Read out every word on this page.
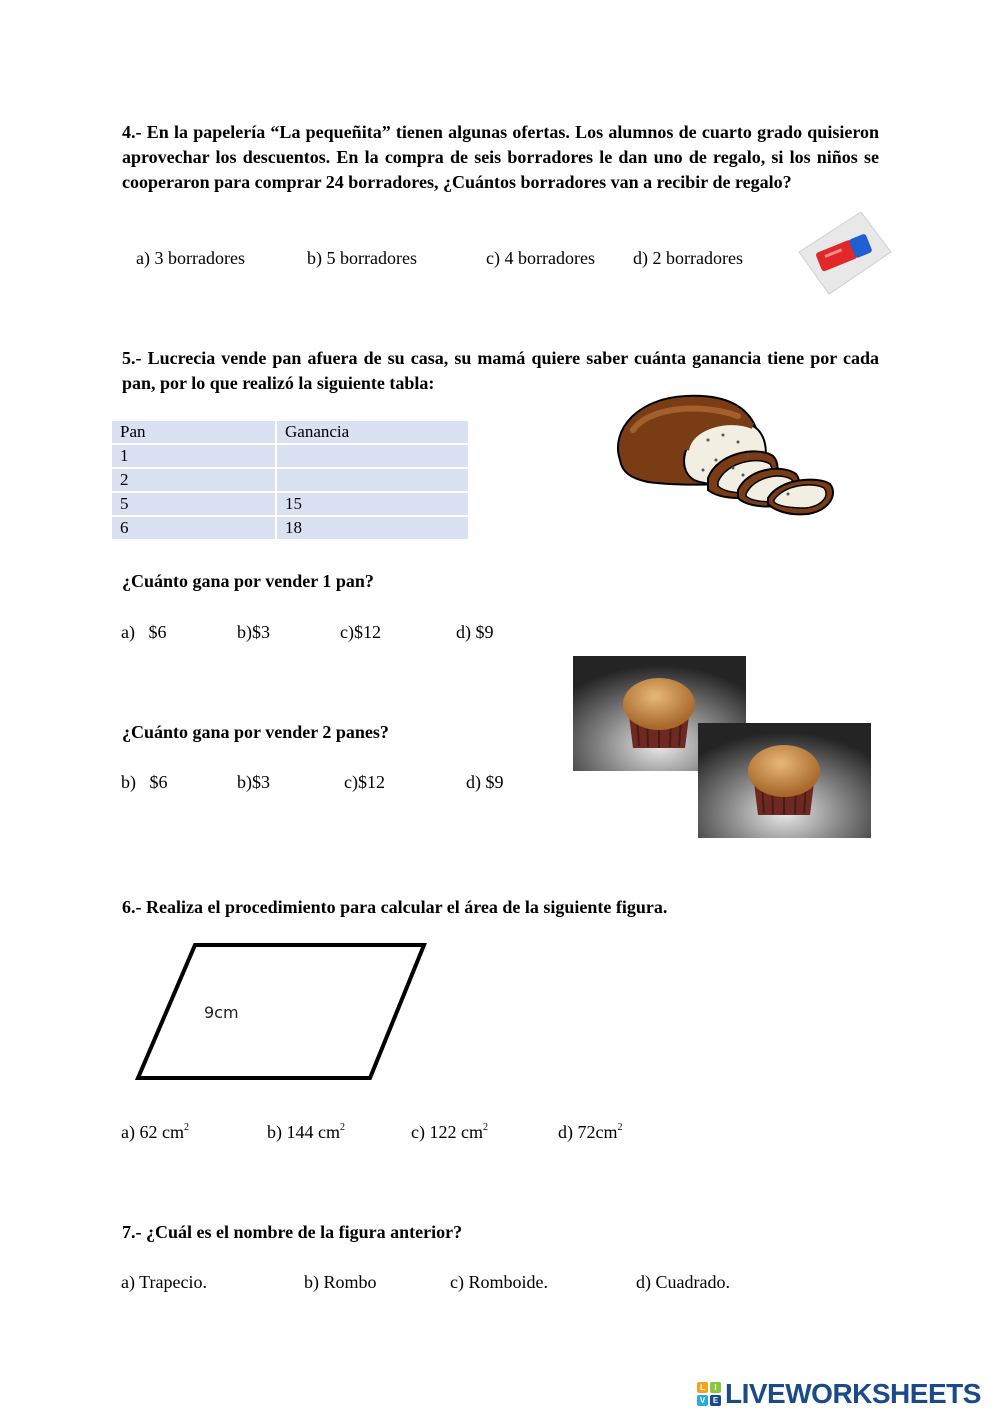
4.- En la papelería “La pequeñita” tienen algunas ofertas. Los alumnos de cuarto grado quisieron aprovechar los descuentos. En la compra de seis borradores le dan uno de regalo, si los niños se cooperaron para comprar 24 borradores, ¿Cuántos borradores van a recibir de regalo?
a) 3 borradores	b) 5 borradores	c) 4 borradores d) 2 borradores
5.- Lucrecia vende pan afuera de su casa, su mamá quiere saber cuánta ganancia tiene por cada pan, por lo que realizó la siguiente tabla:
Pan	Ganancia
1	
2	
5	15
6	18
¿Cuánto gana por vender 1 pan?
a)   $6	b)$3	c)$12	d) $9
¿Cuánto gana por vender 2 panes?
b)   $6	b)$3	c)$12	d) $9
6.- Realiza el procedimiento para calcular el área de la siguiente figura.
9cm
a) 62 $cm^2$	b) 144 $cm^2$	c) 122 $cm^2$	d) $72cm^2$
7.- ¿Cuál es el nombre de la figura anterior?
a) Trapecio.	b) Rombo	c) Romboide.	d) Cuadrado.
L	I
V E LIVEWORKSHEETS
